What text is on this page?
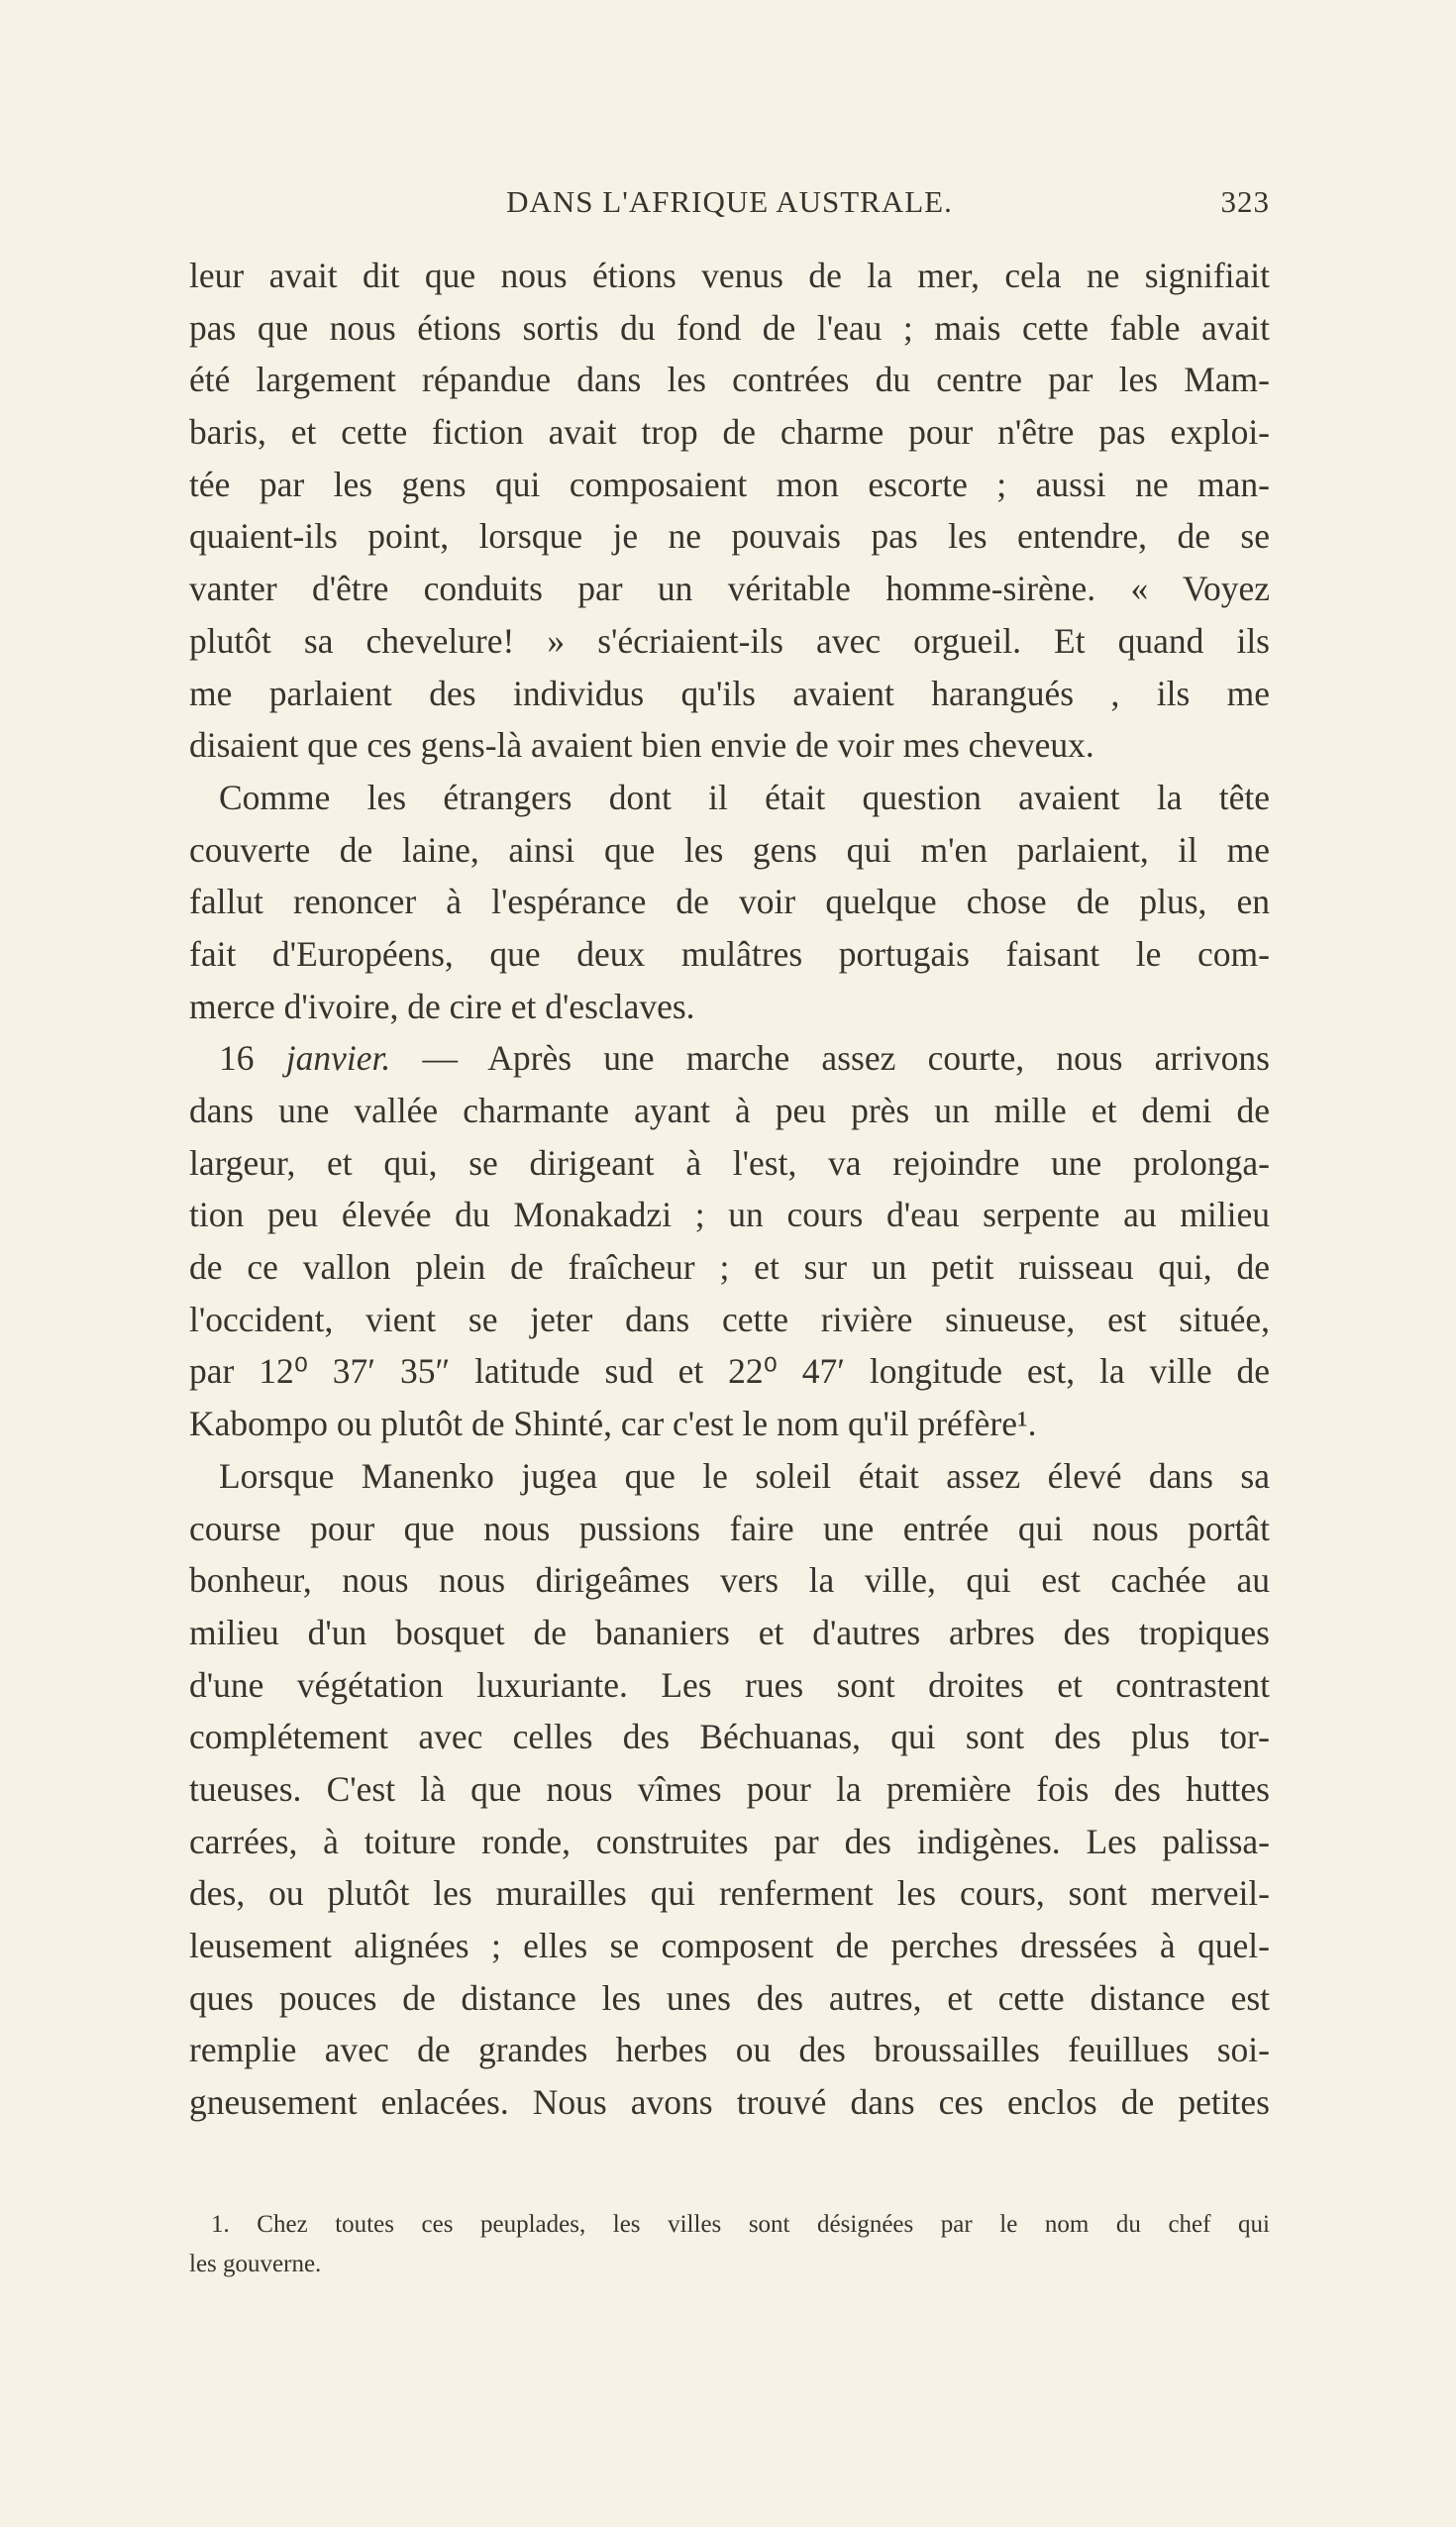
DANS L'AFRIQUE AUSTRALE.	323
leur avait dit que nous étions venus de la mer, cela ne signifiait
pas que nous étions sortis du fond de l'eau ; mais cette fable avait
été largement répandue dans les contrées du centre par les Mam-
baris, et cette fiction avait trop de charme pour n'être pas exploi-
tée par les gens qui composaient mon escorte ; aussi ne man-
quaient-ils point, lorsque je ne pouvais pas les entendre, de se
vanter d'être conduits par un véritable homme-sirène. « Voyez
plutôt sa chevelure! » s'écriaient-ils avec orgueil. Et quand ils
me parlaient des individus qu'ils avaient harangués , ils me
disaient que ces gens-là avaient bien envie de voir mes cheveux.
Comme les étrangers dont il était question avaient la tête
couverte de laine, ainsi que les gens qui m'en parlaient, il me
fallut renoncer à l'espérance de voir quelque chose de plus, en
fait d'Européens, que deux mulâtres portugais faisant le com-
merce d'ivoire, de cire et d'esclaves.
16 janvier. — Après une marche assez courte, nous arrivons
dans une vallée charmante ayant à peu près un mille et demi de
largeur, et qui, se dirigeant à l'est, va rejoindre une prolonga-
tion peu élevée du Monakadzi ; un cours d'eau serpente au milieu
de ce vallon plein de fraîcheur ; et sur un petit ruisseau qui, de
l'occident, vient se jeter dans cette rivière sinueuse, est située,
par 12⁰ 37′ 35″ latitude sud et 22⁰ 47′ longitude est, la ville de
Kabompo ou plutôt de Shinté, car c'est le nom qu'il préfère¹.
Lorsque Manenko jugea que le soleil était assez élevé dans sa
course pour que nous pussions faire une entrée qui nous portât
bonheur, nous nous dirigeâmes vers la ville, qui est cachée au
milieu d'un bosquet de bananiers et d'autres arbres des tropiques
d'une végétation luxuriante. Les rues sont droites et contrastent
complétement avec celles des Béchuanas, qui sont des plus tor-
tueuses. C'est là que nous vîmes pour la première fois des huttes
carrées, à toiture ronde, construites par des indigènes. Les palissa-
des, ou plutôt les murailles qui renferment les cours, sont merveil-
leusement alignées ; elles se composent de perches dressées à quel-
ques pouces de distance les unes des autres, et cette distance est
remplie avec de grandes herbes ou des broussailles feuillues soi-
gneusement enlacées. Nous avons trouvé dans ces enclos de petites
1. Chez toutes ces peuplades, les villes sont désignées par le nom du chef qui
les gouverne.
